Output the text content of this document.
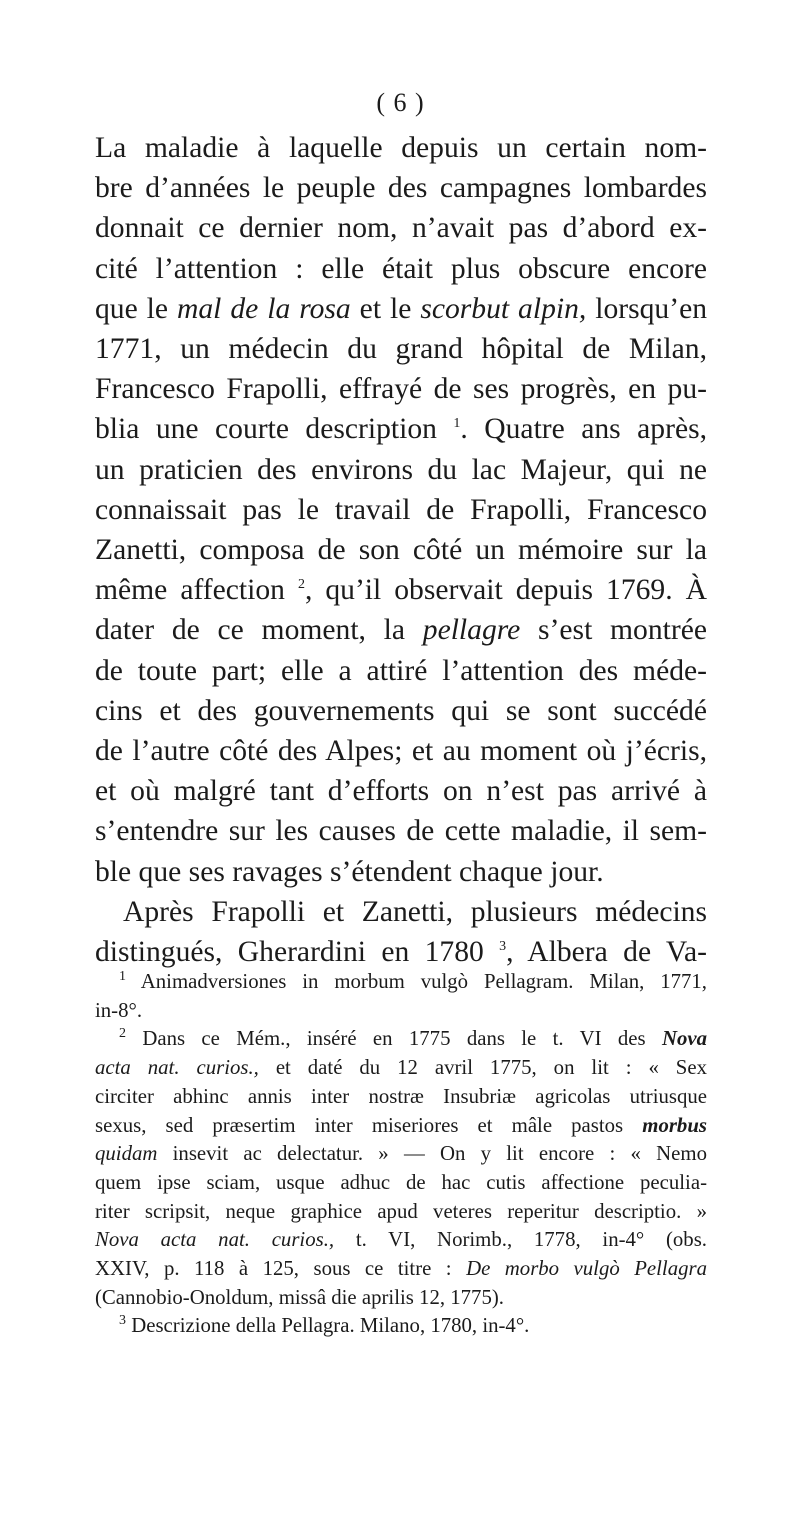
( 6 )
La maladie à laquelle depuis un certain nom-
bre d’années le peuple des campagnes lombardes
donnait ce dernier nom, n’avait pas d’abord ex-
cité l’attention : elle était plus obscure encore
que le mal de la rosa et le scorbut alpin, lorsqu’en
1771, un médecin du grand hôpital de Milan,
Francesco Frapolli, effrayé de ses progrès, en pu-
blia une courte description $^1$. Quatre ans après,
un praticien des environs du lac Majeur, qui ne
connaissait pas le travail de Frapolli, Francesco
Zanetti, composa de son côté un mémoire sur la
même affection $^2$, qu’il observait depuis 1769. À
dater de ce moment, la pellagre s’est montrée
de toute part; elle a attiré l’attention des méde-
cins et des gouvernements qui se sont succédé
de l’autre côté des Alpes; et au moment où j’écris,
et où malgré tant d’efforts on n’est pas arrivé à
s’entendre sur les causes de cette maladie, il sem-
ble que ses ravages s’étendent chaque jour.
Après Frapolli et Zanetti, plusieurs médecins
distingués, Gherardini en 1780 $^3$, Albera de Va-
$^1$ Animadversiones in morbum vulgò Pellagram. Milan, 1771,
in-8°.
$^2$ Dans ce Mém., inséré en 1775 dans le t. VI des Nova
acta nat. curios., et daté du 12 avril 1775, on lit : « Sex
circiter abhinc annis inter nostræ Insubriæ agricolas utriusque
sexus, sed præsertim inter miseriores et mâle pastos morbus
quidam insevit ac delectatur. » — On y lit encore : « Nemo
quem ipse sciam, usque adhuc de hac cutis affectione peculia-
riter scripsit, neque graphice apud veteres reperitur descriptio. »
Nova acta nat. curios., t. VI, Norimb., 1778, in-4° (obs.
XXIV, p. 118 à 125, sous ce titre : De morbo vulgò Pellagra
(Cannobio-Onoldum, missâ die aprilis 12, 1775).
$^3$ Descrizione della Pellagra. Milano, 1780, in-4°.
